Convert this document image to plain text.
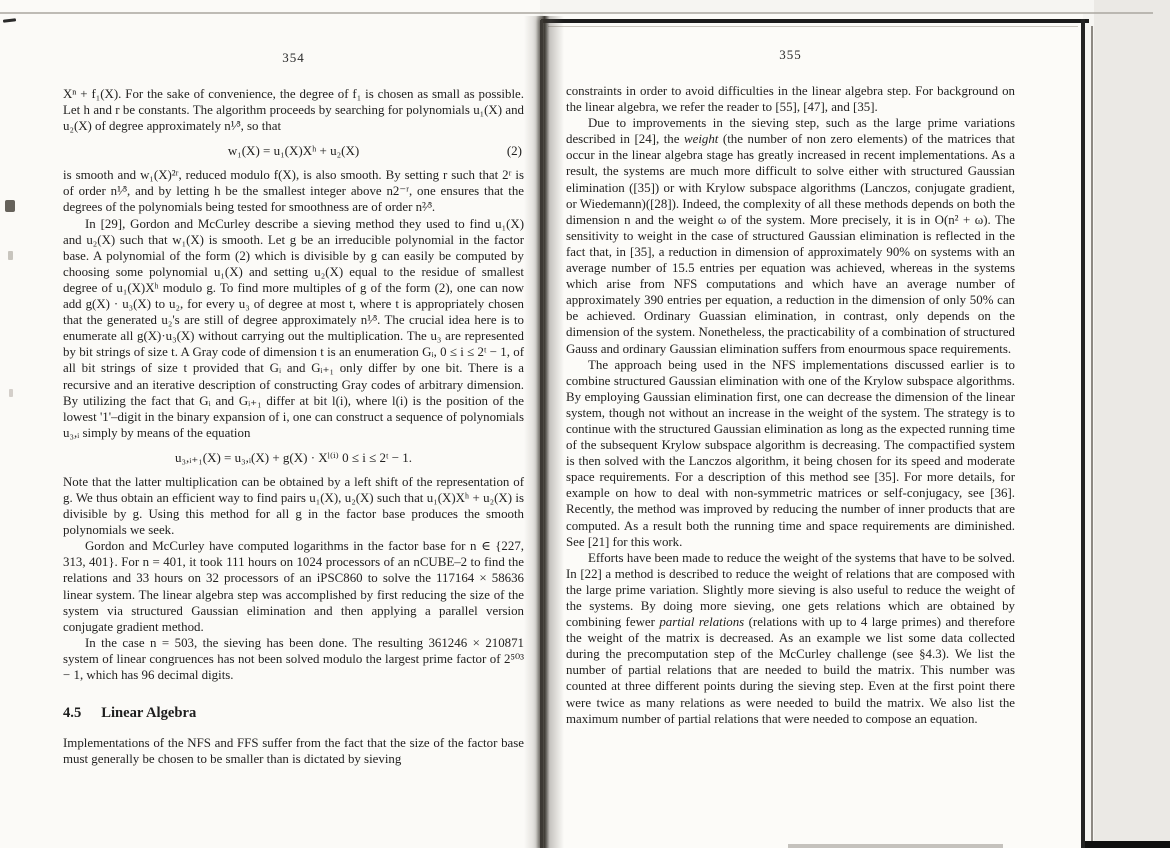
354

Xⁿ + f₁(X). For the sake of convenience, the degree of f₁ is chosen as small as possible. Let h and r be constants. The algorithm proceeds by searching for polynomials u₁(X) and u₂(X) of degree approximately n¹⁄³, so that

w₁(X) = u₁(X)Xʰ + u₂(X)	(2)

is smooth and w₁(X)²ʳ, reduced modulo f(X), is also smooth. By setting r such that 2ʳ is of order n¹⁄³, and by letting h be the smallest integer above n2⁻ʳ, one ensures that the degrees of the polynomials being tested for smoothness are of order n²⁄³.

In [29], Gordon and McCurley describe a sieving method they used to find u₁(X) and u₂(X) such that w₁(X) is smooth. Let g be an irreducible polynomial in the factor base. A polynomial of the form (2) which is divisible by g can easily be computed by choosing some polynomial u₁(X) and setting u₂(X) equal to the residue of smallest degree of u₁(X)Xʰ modulo g. To find more multiples of g of the form (2), one can now add g(X) · u₃(X) to u₂, for every u₃ of degree at most t, where t is appropriately chosen that the generated u₂'s are still of degree approximately n¹⁄³. The crucial idea here is to enumerate all g(X)·u₃(X) without carrying out the multiplication. The u₃ are represented by bit strings of size t. A Gray code of dimension t is an enumeration Gᵢ, 0 ≤ i ≤ 2ᵗ − 1, of all bit strings of size t provided that Gᵢ and Gᵢ₊₁ only differ by one bit. There is a recursive and an iterative description of constructing Gray codes of arbitrary dimension. By utilizing the fact that Gᵢ and Gᵢ₊₁ differ at bit l(i), where l(i) is the position of the lowest '1'–digit in the binary expansion of i, one can construct a sequence of polynomials u₃,ᵢ simply by means of the equation

u₃,ᵢ₊₁(X) = u₃,ᵢ(X) + g(X) · Xˡ⁽ⁱ⁾ 0 ≤ i ≤ 2ᵗ − 1.

Note that the latter multiplication can be obtained by a left shift of the representation of g. We thus obtain an efficient way to find pairs u₁(X), u₂(X) such that u₁(X)Xʰ + u₂(X) is divisible by g. Using this method for all g in the factor base produces the smooth polynomials we seek.

Gordon and McCurley have computed logarithms in the factor base for n ∈ {227, 313, 401}. For n = 401, it took 111 hours on 1024 processors of an nCUBE–2 to find the relations and 33 hours on 32 processors of an iPSC860 to solve the 117164 × 58636 linear system. The linear algebra step was accomplished by first reducing the size of the system via structured Gaussian elimination and then applying a parallel version conjugate gradient method.

In the case n = 503, the sieving has been done. The resulting 361246 × 210871 system of linear congruences has not been solved modulo the largest prime factor of 2⁵⁰³ − 1, which has 96 decimal digits.

4.5 Linear Algebra

Implementations of the NFS and FFS suffer from the fact that the size of the factor base must generally be chosen to be smaller than is dictated by sieving

355

constraints in order to avoid difficulties in the linear algebra step. For background on the linear algebra, we refer the reader to [55], [47], and [35].

Due to improvements in the sieving step, such as the large prime variations described in [24], the weight (the number of non zero elements) of the matrices that occur in the linear algebra stage has greatly increased in recent implementations. As a result, the systems are much more difficult to solve either with structured Gaussian elimination ([35]) or with Krylow subspace algorithms (Lanczos, conjugate gradient, or Wiedemann)([28]). Indeed, the complexity of all these methods depends on both the dimension n and the weight ω of the system. More precisely, it is in O(n² + ω). The sensitivity to weight in the case of structured Gaussian elimination is reflected in the fact that, in [35], a reduction in dimension of approximately 90% on systems with an average number of 15.5 entries per equation was achieved, whereas in the systems which arise from NFS computations and which have an average number of approximately 390 entries per equation, a reduction in the dimension of only 50% can be achieved. Ordinary Guassian elimination, in contrast, only depends on the dimension of the system. Nonetheless, the practicability of a combination of structured Gauss and ordinary Gaussian elimination suffers from enourmous space requirements.

The approach being used in the NFS implementations discussed earlier is to combine structured Gaussian elimination with one of the Krylow subspace algorithms. By employing Gaussian elimination first, one can decrease the dimension of the linear system, though not without an increase in the weight of the system. The strategy is to continue with the structured Gaussian elimination as long as the expected running time of the subsequent Krylow subspace algorithm is decreasing. The compactified system is then solved with the Lanczos algorithm, it being chosen for its speed and moderate space requirements. For a description of this method see [35]. For more details, for example on how to deal with non-symmetric matrices or self-conjugacy, see [36]. Recently, the method was improved by reducing the number of inner products that are computed. As a result both the running time and space requirements are diminished. See [21] for this work.

Efforts have been made to reduce the weight of the systems that have to be solved. In [22] a method is described to reduce the weight of relations that are composed with the large prime variation. Slightly more sieving is also useful to reduce the weight of the systems. By doing more sieving, one gets relations which are obtained by combining fewer partial relations (relations with up to 4 large primes) and therefore the weight of the matrix is decreased. As an example we list some data collected during the precomputation step of the McCurley challenge (see §4.3). We list the number of partial relations that are needed to build the matrix. This number was counted at three different points during the sieving step. Even at the first point there were twice as many relations as were needed to build the matrix. We also list the maximum number of partial relations that were needed to compose an equation.
